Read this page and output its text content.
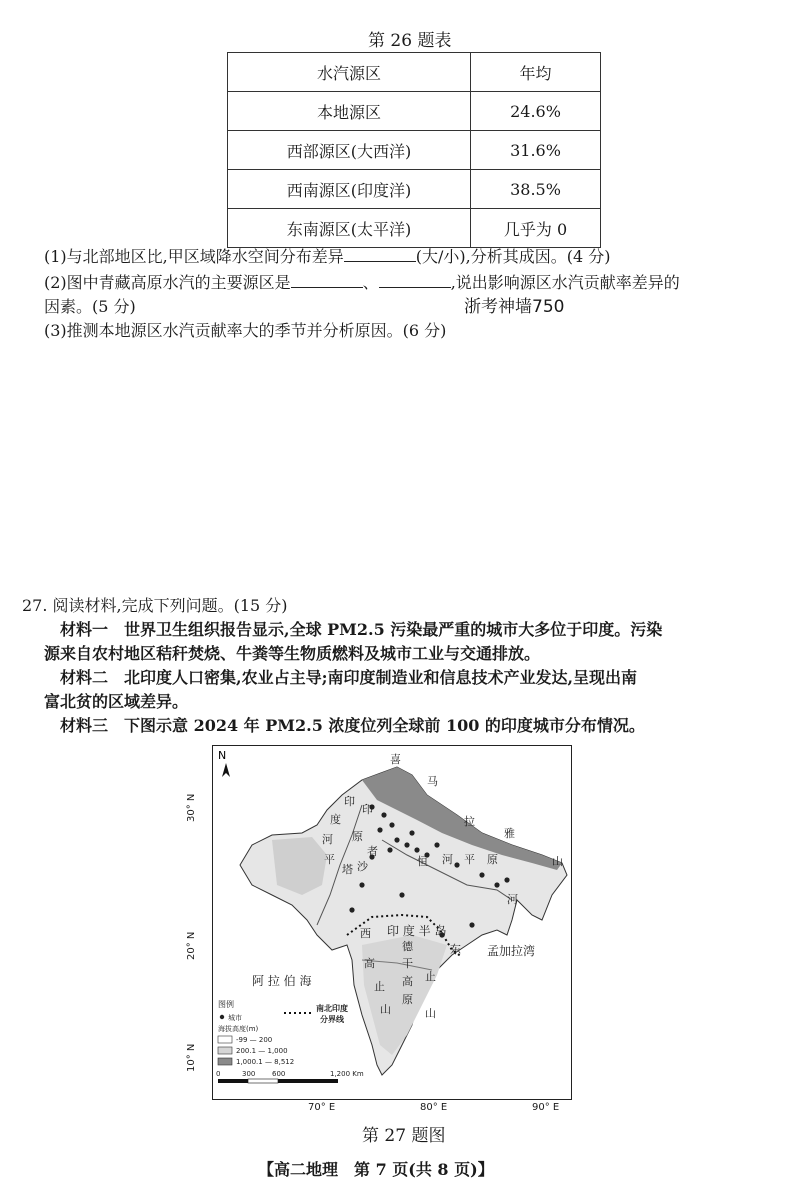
第 26 题表
水汽源区	年均
本地源区	24.6%
西部源区(大西洋)	31.6%
西南源区(印度洋)	38.5%
东南源区(太平洋)	几乎为 0
(1)与北部地区比,甲区域降水空间分布差异	(大/小),分析其成因。(4 分)
(2)图中青藏高原水汽的主要源区是	、	,说出影响源区水汽贡献率差异的
因素。(5 分)	浙考神墙750
(3)推测本地源区水汽贡献率大的季节并分析原因。(6 分)
27. 阅读材料,完成下列问题。(15 分)
材料一　世界卫生组织报告显示,全球 PM2.5 污染最严重的城市大多位于印度。污染
源来自农村地区秸秆焚烧、牛粪等生物质燃料及城市工业与交通排放。
材料二　北印度人口密集,农业占主导;南印度制造业和信息技术产业发达,呈现出南
富北贫的区域差异。
材料三　下图示意 2024 年 PM2.5 浓度位列全球前 100 的印度城市分布情况。
N	喜
马
拉
雅
山
印
度
河
平
原
印
者
塔 沙	恒 河 平 原
河
西 印 度 半 岛
德	东
高
止
山
干
高
原
止
山
阿 拉 伯 海
孟加拉湾
图例
城市
海拔高度(m)
-99 — 200
200.1 — 1,000
1,000.1 — 8,512
南北印度
分界线
0	300 600	1,200 Km
30° N
20° N
10° N
70° E	80° E	90° E
第 27 题图
【高二地理　第 7 页(共 8 页)】
